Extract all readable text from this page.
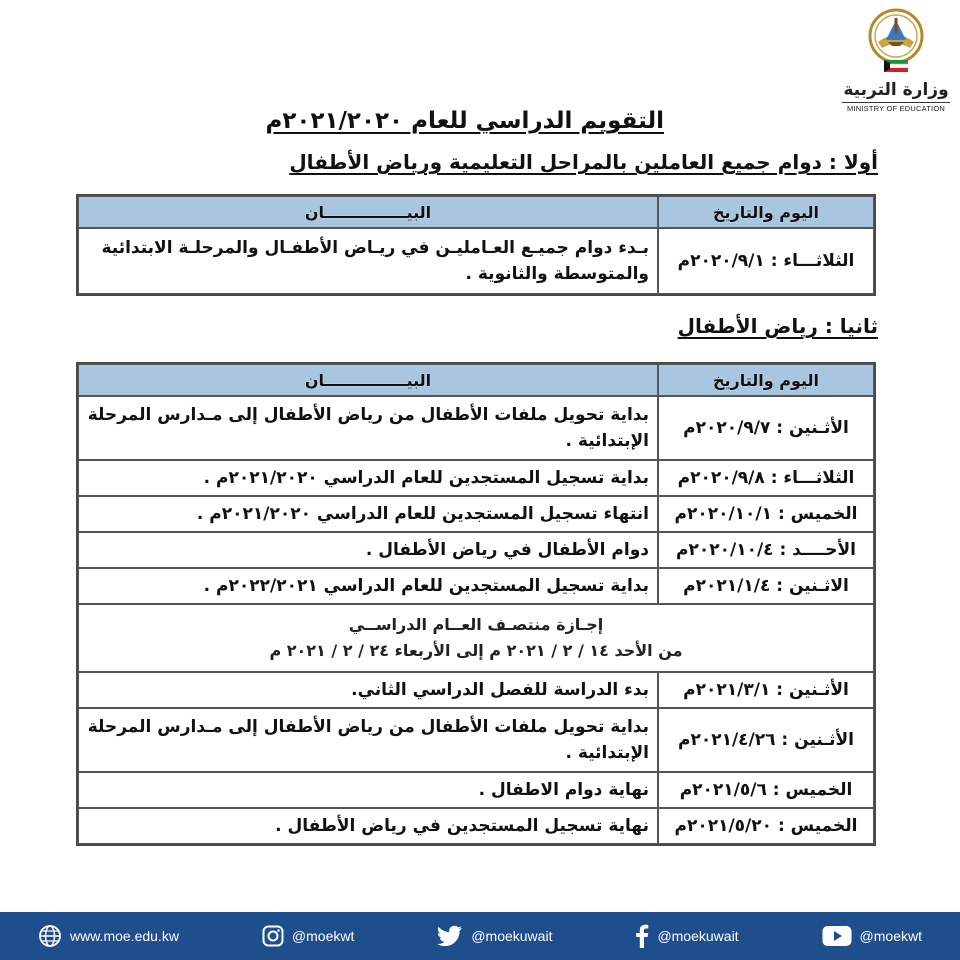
وزارة التربية
MINISTRY OF EDUCATION
التقويم الدراسي للعام ٢٠٢١/٢٠٢٠م
أولا : دوام جميع العاملين بالمراحل التعليمية ورياض الأطفال
اليوم والتاريخ	البيـــــــــــــــان
الثلاثـــاء : ٢٠٢٠/٩/١م	بـدء دوام جميـع العـامليـن في ريـاض الأطفـال والمرحلـة الابتدائية والمتوسطة والثانوية .
ثانيا : رياض الأطفال
اليوم والتاريخ	البيـــــــــــــــان
الأثـنين : ٢٠٢٠/٩/٧م	بداية تحويل ملفات الأطفال من رياض الأطفال إلى مـدارس المرحلة الإبتدائية .
الثلاثـــاء : ٢٠٢٠/٩/٨م	بداية تسجيل المستجدين للعام الدراسي ٢٠٢١/٢٠٢٠م .
الخميس : ٢٠٢٠/١٠/١م	انتهاء تسجيل المستجدين للعام الدراسي ٢٠٢١/٢٠٢٠م .
الأحــــد : ٢٠٢٠/١٠/٤م	دوام الأطفال في رياض الأطفال .
الاثـنين : ٢٠٢١/١/٤م	بداية تسجيل المستجدين للعام الدراسي ٢٠٢٢/٢٠٢١م .

إجـازة منتصـف العــام الدراســي
من الأحد ١٤ / ٢ / ٢٠٢١ م إلى الأربعاء ٢٤ / ٢ / ٢٠٢١ م	

الأثـنين : ٢٠٢١/٣/١م	بدء الدراسة للفصل الدراسي الثاني.
الأثـنين : ٢٠٢١/٤/٢٦م	بداية تحويل ملفات الأطفال من رياض الأطفال إلى مـدارس المرحلة الإبتدائية .
الخميس : ٢٠٢١/٥/٦م	نهاية دوام الاطفال .
الخميس : ٢٠٢١/٥/٢٠م	نهاية تسجيل المستجدين في رياض الأطفال .
www.moe.edu.kw	@moekwt	@moekuwait	@moekuwait	@moekwt
